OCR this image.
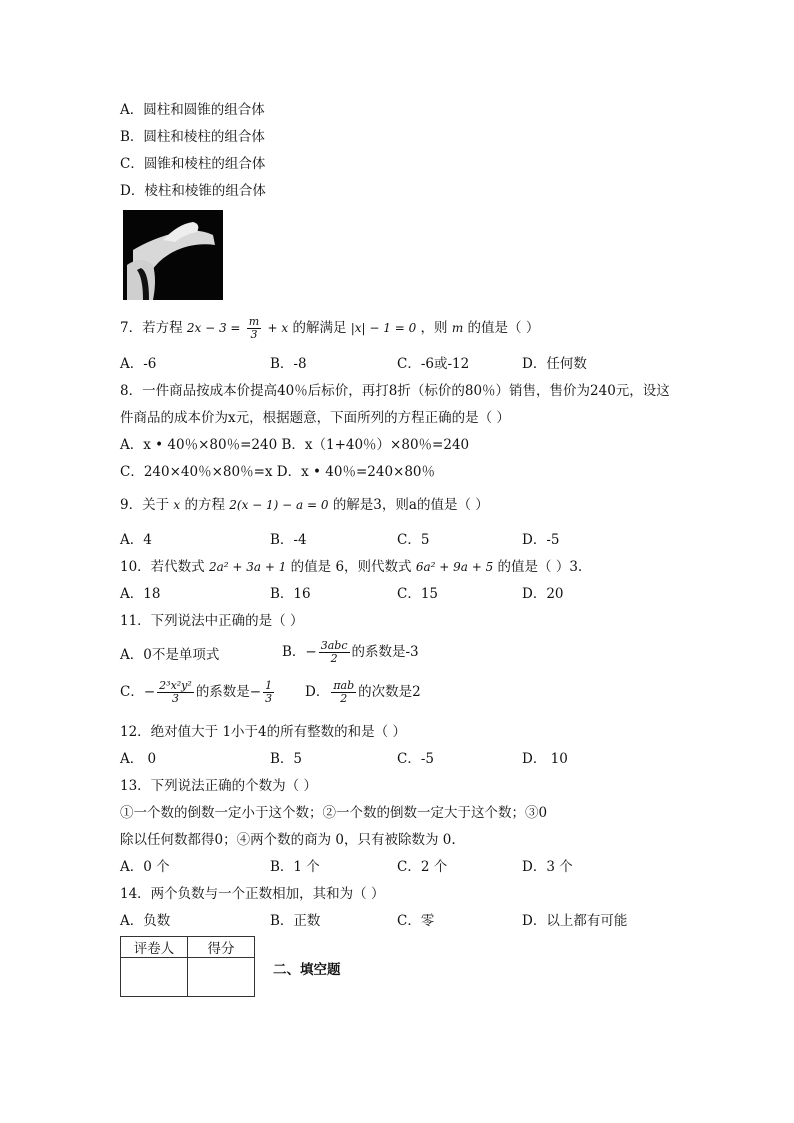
A．圆柱和圆锥的组合体
B．圆柱和棱柱的组合体
C．圆锥和棱柱的组合体
D．棱柱和棱锥的组合体
7．若方程 $2x - 3 = \frac{m}{3} + x$ 的解满足 |x| − 1 = 0 ，则 m 的值是（ ）
A．-6	B．-8	C．-6或-12	D．任何数
8．一件商品按成本价提高40％后标价，再打8折（标价的80％）销售，售价为240元，设这
件商品的成本价为x元，根据题意，下面所列的方程正确的是（ ）
A．x • 40％×80％=240 B．x（1+40％）×80％=240
C．240×40％×80％=x D．x • 40％=240×80％
9．关于 x 的方程 2(x − 1) − a = 0 的解是3，则a的值是（ ）
A．4	B．-4	C．5	D．-5
10．若代数式 2a² + 3a + 1 的值是 6，则代数式 6a² + 9a + 5 的值是（ ）3.
A．18	B．16	C．15	D．20
11．下列说法中正确的是（ ）
A．0不是单项式	B．− $\frac{\text{3abc}}{2}$ 的系数是-3
C．− $\frac{\text{2³x²y²}}{3}$ 的系数是− $\frac{1}{3}$ D． $\frac{\text{πab}}{2}$ 的次数是2
12．绝对值大于 1小于4的所有整数的和是（ ）
A． 0	B．5	C．-5	D． 10
13．下列说法正确的个数为（ ）
①一个数的倒数一定小于这个数；②一个数的倒数一定大于这个数；③0
除以任何数都得0；④两个数的商为 0，只有被除数为 0.
A．0 个	B．1 个	C．2 个	D．3 个
14．两个负数与一个正数相加，其和为（ ）
A．负数	B．正数	C．零	D．以上都有可能
评卷人	得分

二、填空题
